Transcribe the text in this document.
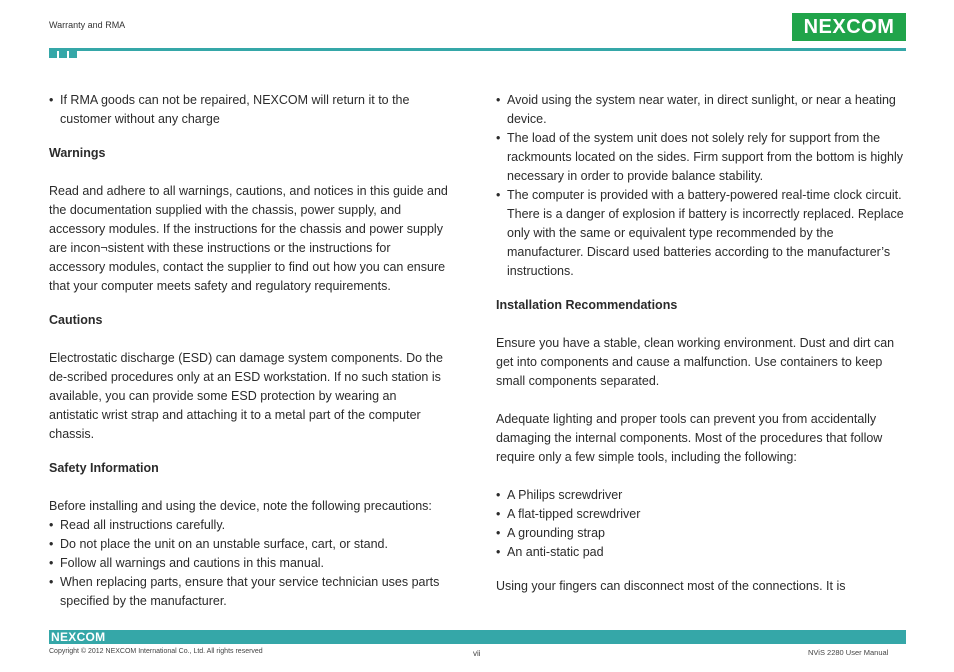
Warranty and RMA	NEXCOM
• If RMA goods can not be repaired, NEXCOM will return it to the customer without any charge

Warnings

Read and adhere to all warnings, cautions, and notices in this guide and the documentation supplied with the chassis, power supply, and accessory modules. If the instructions for the chassis and power supply are incon¬sistent with these instructions or the instructions for accessory modules, contact the supplier to find out how you can ensure that your computer meets safety and regulatory requirements.

Cautions

Electrostatic discharge (ESD) can damage system components. Do the de-scribed procedures only at an ESD workstation. If no such station is available, you can provide some ESD protection by wearing an antistatic wrist strap and attaching it to a metal part of the computer chassis.

Safety Information

Before installing and using the device, note the following precautions:

• Read all instructions carefully.
• Do not place the unit on an unstable surface, cart, or stand.
• Follow all warnings and cautions in this manual.
• When replacing parts, ensure that your service technician uses parts specified by the manufacturer.
• Avoid using the system near water, in direct sunlight, or near a heating device.
• The load of the system unit does not solely rely for support from the rackmounts located on the sides. Firm support from the bottom is highly necessary in order to provide balance stability.
• The computer is provided with a battery-powered real-time clock circuit. There is a danger of explosion if battery is incorrectly replaced. Replace only with the same or equivalent type recommended by the manufacturer. Discard used batteries according to the manufacturer’s instructions.

Installation Recommendations

Ensure you have a stable, clean working environment. Dust and dirt can get into components and cause a malfunction. Use containers to keep small components separated.

Adequate lighting and proper tools can prevent you from accidentally damaging the internal components. Most of the procedures that follow require only a few simple tools, including the following:

• A Philips screwdriver
• A flat-tipped screwdriver
• A grounding strap
• An anti-static pad

Using your fingers can disconnect most of the connections. It is

NEXCOM
Copyright © 2012 NEXCOM International Co., Ltd. All rights reserved	vii	NViS 2280 User Manual
